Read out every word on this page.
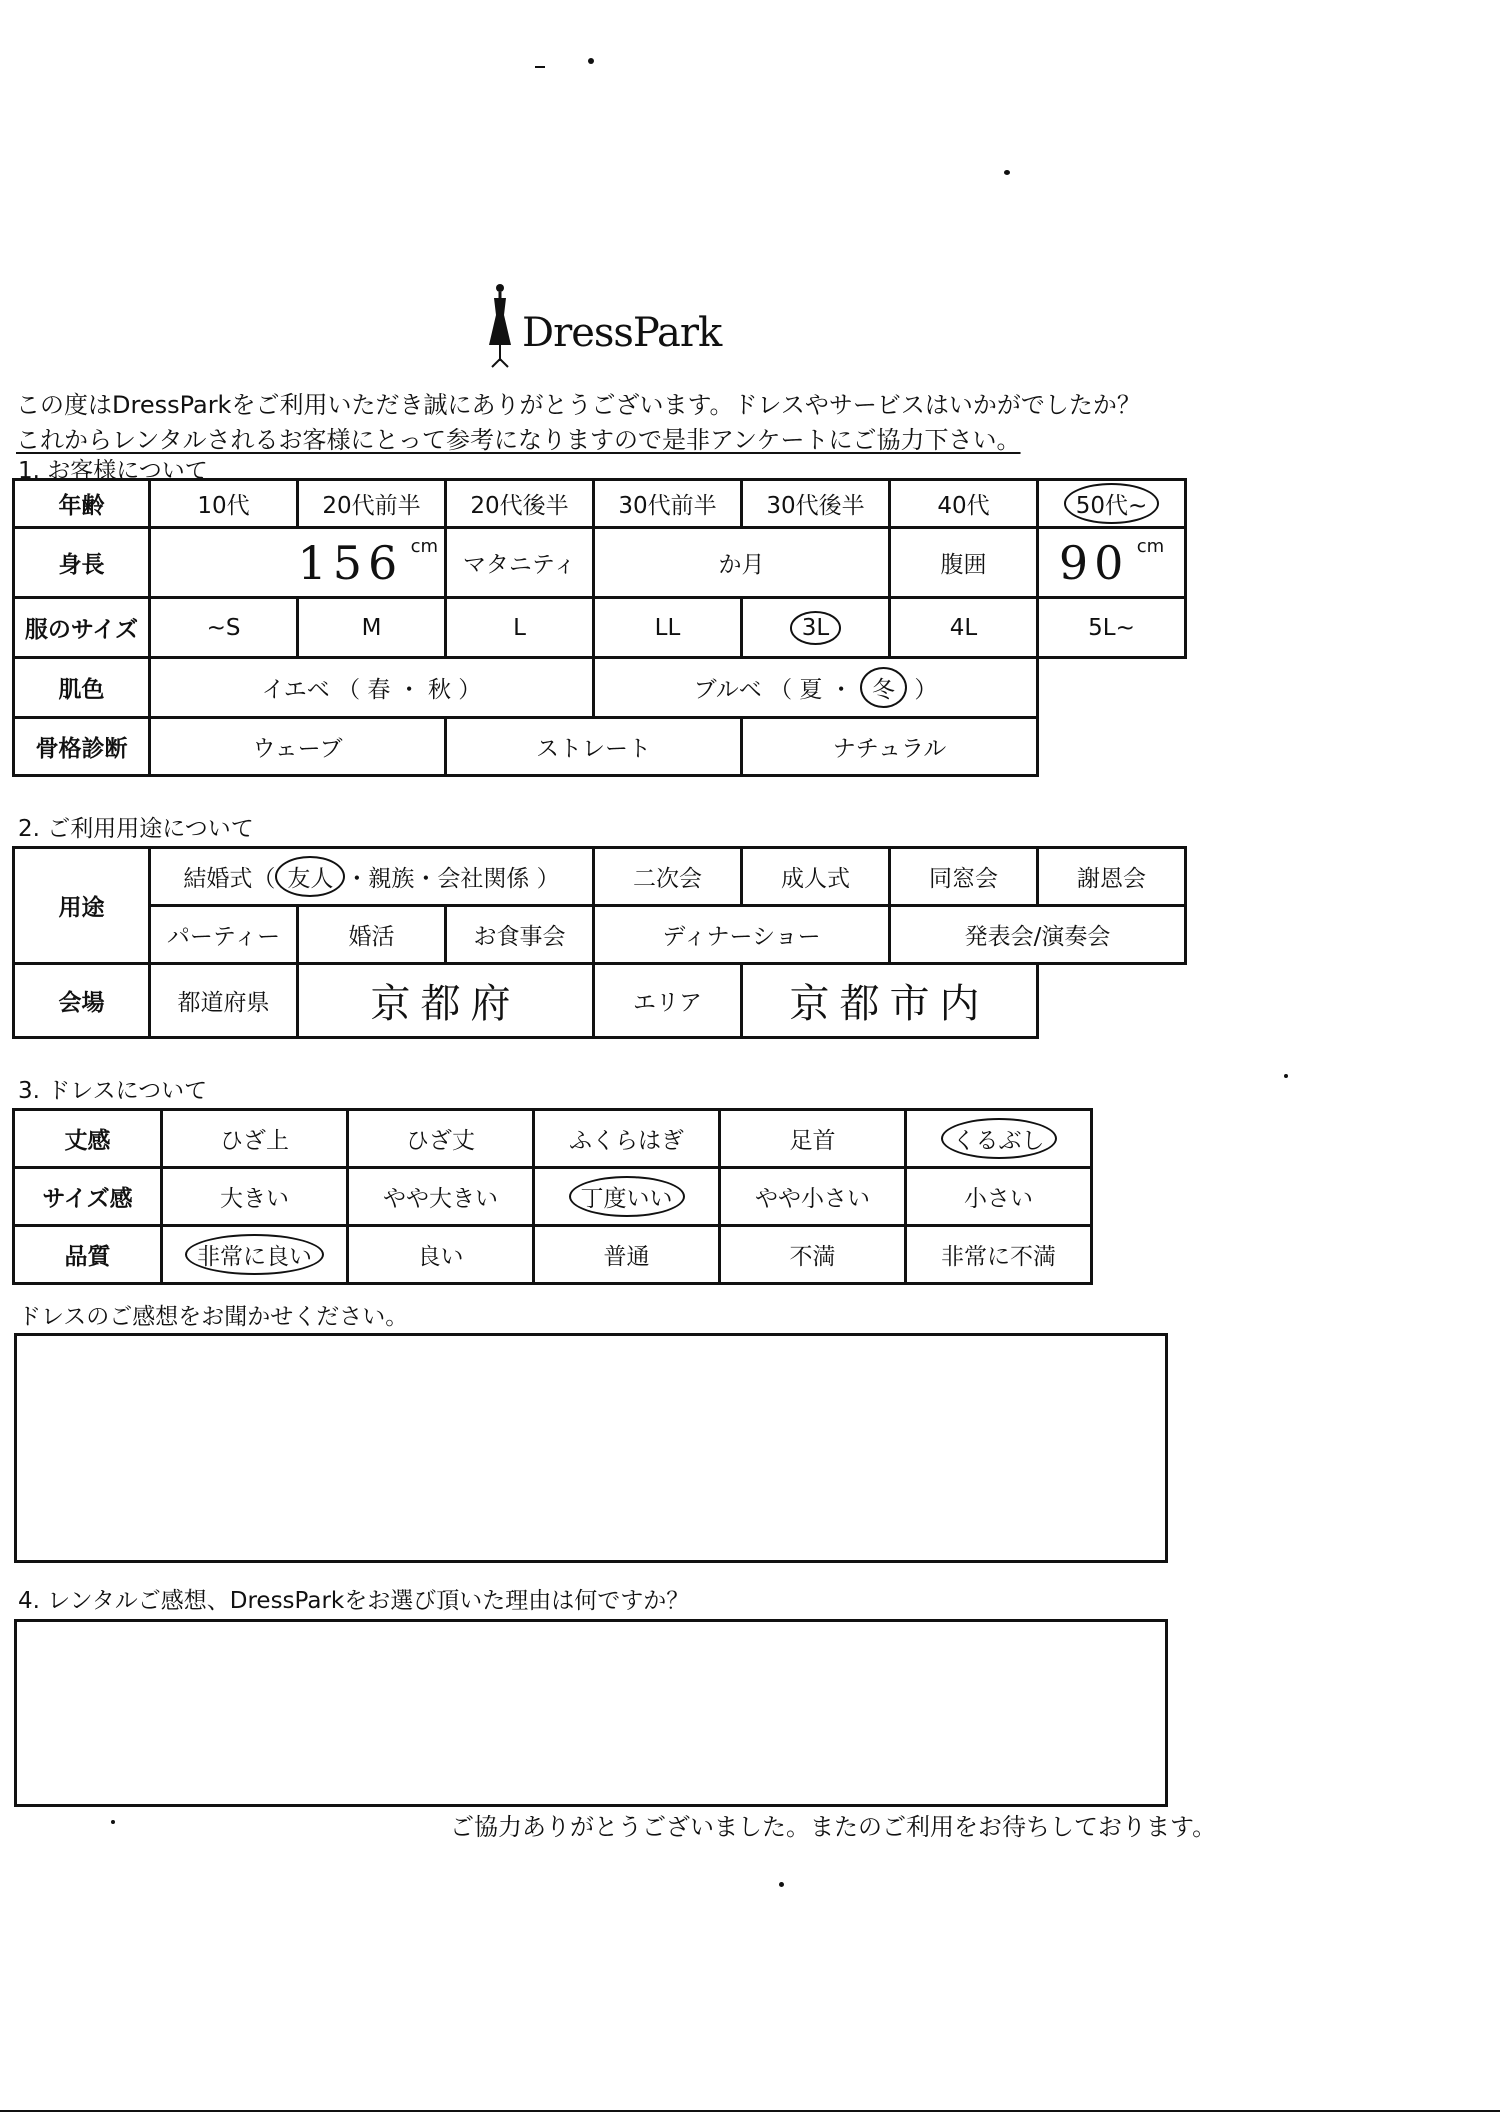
DressPark
この度はDressParkをご利用いただき誠にありがとうございます。ドレスやサービスはいかがでしたか？
これからレンタルされるお客様にとって参考になりますので是非アンケートにご協力下さい。
1. お客様について
年齢	10代	20代前半	20代後半	30代前半	30代後半	40代	50代~
身長	156 $^{cm}$		マタニティ	か月		腹囲	90 $^{cm}$
服のサイズ	~S	M	L	LL	3L	4L	5L~
肌色	イエベ （ 春 ・ 秋 ）			ブルベ （ 夏 ・ 冬 ）			
骨格診断	ウェーブ		ストレート		ナチュラル		
2. ご利用用途について
用途	結婚式（ 友人 ・親族・会社関係 ）			二次会	成人式	同窓会	謝恩会
	パーティー	婚活	お食事会	ディナーショー		発表会/演奏会	
会場	都道府県	京都府		エリア	京都市内		
3. ドレスについて
丈感	ひざ上	ひざ丈	ふくらはぎ	足首	くるぶし
サイズ感	大きい	やや大きい	丁度いい	やや小さい	小さい
品質	非常に良い	良い	普通	不満	非常に不満
ドレスのご感想をお聞かせください。
4. レンタルご感想、DressParkをお選び頂いた理由は何ですか？
ご協力ありがとうございました。またのご利用をお待ちしております。
